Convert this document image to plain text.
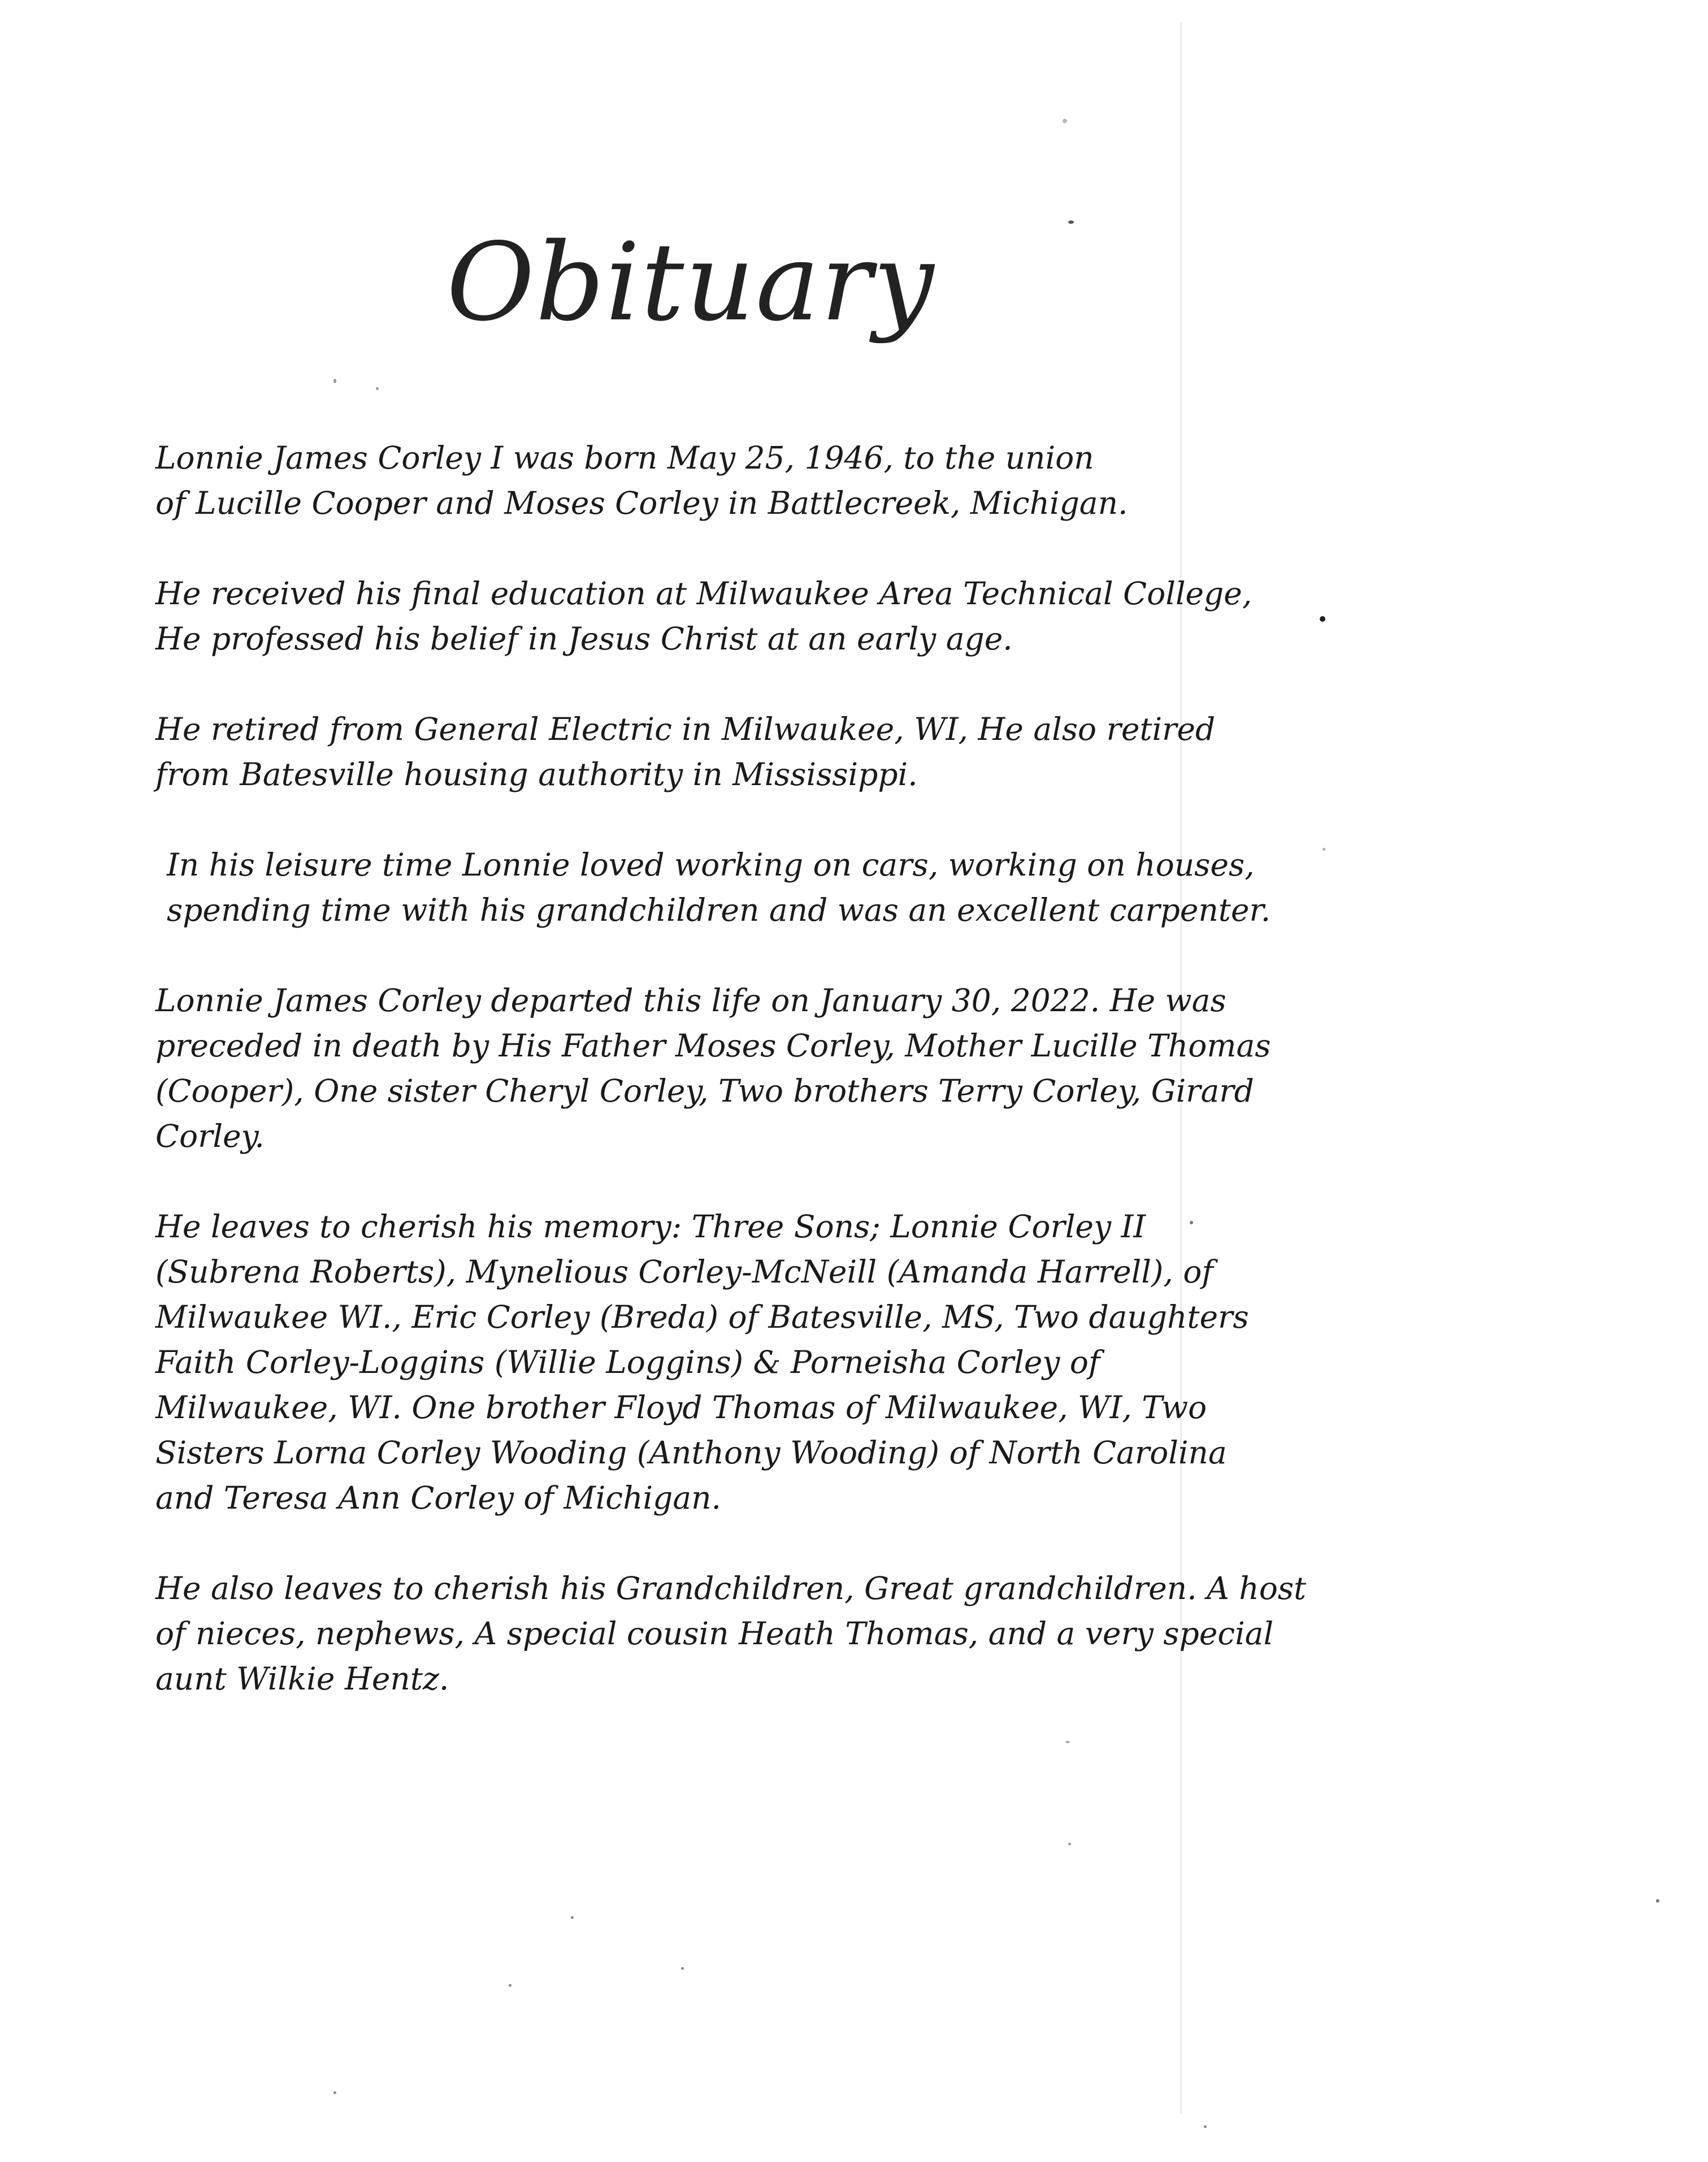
Obituary

Lonnie James Corley I was born May 25, 1946, to the union
of Lucille Cooper and Moses Corley in Battlecreek, Michigan.

He received his final education at Milwaukee Area Technical College,
He professed his belief in Jesus Christ at an early age.

He retired from General Electric in Milwaukee, WI, He also retired
from Batesville housing authority in Mississippi.

In his leisure time Lonnie loved working on cars, working on houses,
spending time with his grandchildren and was an excellent carpenter.

Lonnie James Corley departed this life on January 30, 2022. He was
preceded in death by His Father Moses Corley, Mother Lucille Thomas
(Cooper), One sister Cheryl Corley, Two brothers Terry Corley, Girard
Corley.

He leaves to cherish his memory: Three Sons; Lonnie Corley II
(Subrena Roberts), Mynelious Corley-McNeill (Amanda Harrell), of
Milwaukee WI., Eric Corley (Breda) of Batesville, MS, Two daughters
Faith Corley-Loggins (Willie Loggins) & Porneisha Corley of
Milwaukee, WI. One brother Floyd Thomas of Milwaukee, WI, Two
Sisters Lorna Corley Wooding (Anthony Wooding) of North Carolina
and Teresa Ann Corley of Michigan.

He also leaves to cherish his Grandchildren, Great grandchildren. A host
of nieces, nephews, A special cousin Heath Thomas, and a very special
aunt Wilkie Hentz.
